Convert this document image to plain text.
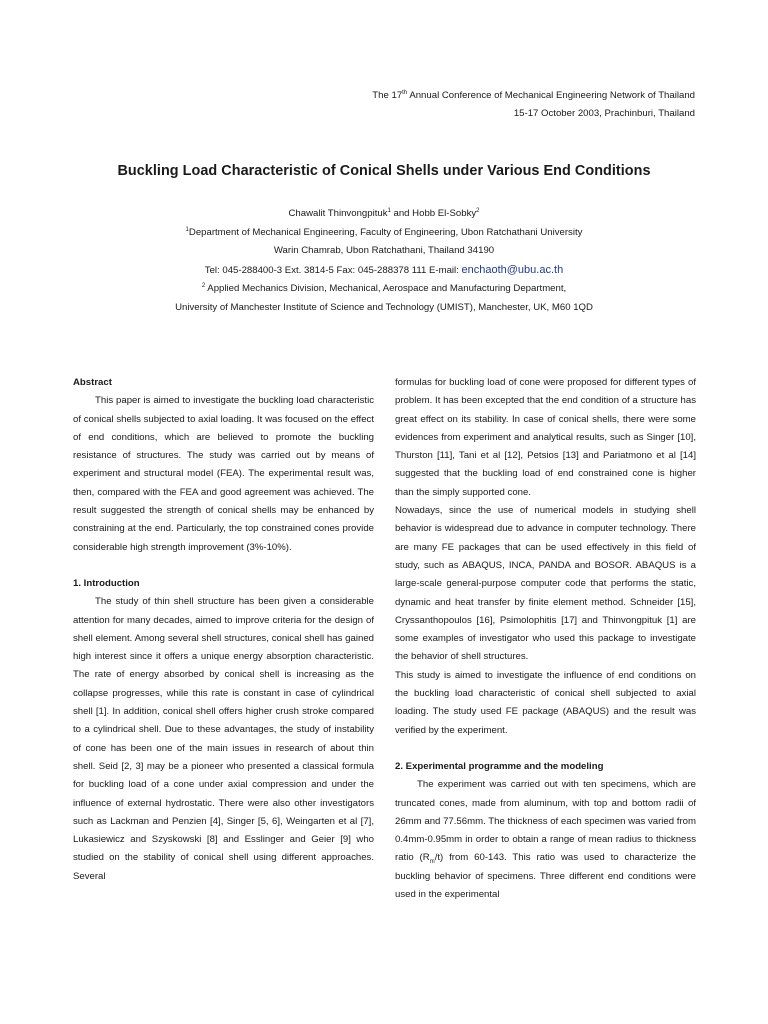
The 17th Annual Conference of Mechanical Engineering Network of Thailand
15-17 October 2003, Prachinburi, Thailand
Buckling Load Characteristic of Conical Shells under Various End Conditions
Chawalit Thinvongpituk$^1$ and Hobb El-Sobky$^2$
$^1$Department of Mechanical Engineering, Faculty of Engineering, Ubon Ratchathani University
Warin Chamrab, Ubon Ratchathani, Thailand 34190
Tel: 045-288400-3 Ext. 3814-5 Fax: 045-288378 111 E-mail: enchaoth@ubu.ac.th
$^2$ Applied Mechanics Division, Mechanical, Aerospace and Manufacturing Department,
University of Manchester Institute of Science and Technology (UMIST), Manchester, UK, M60 1QD

Abstract

This paper is aimed to investigate the buckling load characteristic of conical shells subjected to axial loading. It was focused on the effect of end conditions, which are believed to promote the buckling resistance of structures. The study was carried out by means of experiment and structural model (FEA). The experimental result was, then, compared with the FEA and good agreement was achieved. The result suggested the strength of conical shells may be enhanced by constraining at the end. Particularly, the top constrained cones provide considerable high strength improvement (3%-10%).

1. Introduction

The study of thin shell structure has been given a considerable attention for many decades, aimed to improve criteria for the design of shell element. Among several shell structures, conical shell has gained high interest since it offers a unique energy absorption characteristic. The rate of energy absorbed by conical shell is increasing as the collapse progresses, while this rate is constant in case of cylindrical shell [1]. In addition, conical shell offers higher crush stroke compared to a cylindrical shell. Due to these advantages, the study of instability of cone has been one of the main issues in research of about thin shell. Seid [2, 3] may be a pioneer who presented a classical formula for buckling load of a cone under axial compression and under the influence of external hydrostatic. There were also other investigators such as Lackman and Penzien [4], Singer [5, 6], Weingarten et al [7], Lukasiewicz and Szyskowski [8] and Esslinger and Geier [9] who studied on the stability of conical shell using different approaches. Several

formulas for buckling load of cone were proposed for different types of problem. It has been excepted that the end condition of a structure has great effect on its stability. In case of conical shells, there were some evidences from experiment and analytical results, such as Singer [10], Thurston [11], Tani et al [12], Petsios [13] and Pariatmono et al [14] suggested that the buckling load of end constrained cone is higher than the simply supported cone.

Nowadays, since the use of numerical models in studying shell behavior is widespread due to advance in computer technology. There are many FE packages that can be used effectively in this field of study, such as ABAQUS, INCA, PANDA and BOSOR. ABAQUS is a large-scale general-purpose computer code that performs the static, dynamic and heat transfer by finite element method. Schneider [15], Cryssanthopoulos [16], Psimolophitis [17] and Thinvongpituk [1] are some examples of investigator who used this package to investigate the behavior of shell structures.

This study is aimed to investigate the influence of end conditions on the buckling load characteristic of conical shell subjected to axial loading. The study used FE package (ABAQUS) and the result was verified by the experiment.

2. Experimental programme and the modeling

The experiment was carried out with ten specimens, which are truncated cones, made from aluminum, with top and bottom radii of 26mm and 77.56mm. The thickness of each specimen was varied from 0.4mm-0.95mm in order to obtain a range of mean radius to thickness ratio $(R_m/t)$ from 60-143. This ratio was used to characterize the buckling behavior of specimens. Three different end conditions were used in the experimental
